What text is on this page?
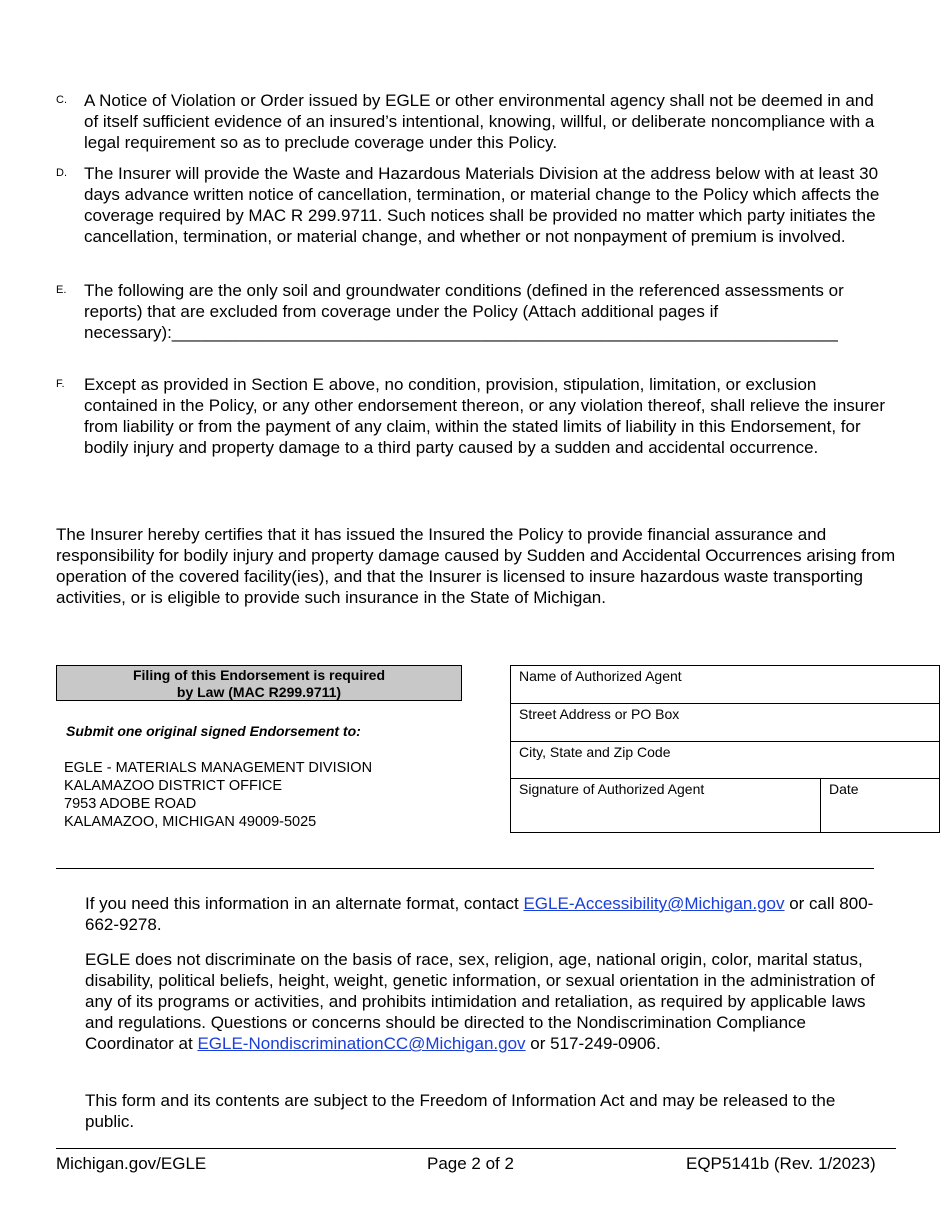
C. A Notice of Violation or Order issued by EGLE or other environmental agency shall not be deemed in and of itself sufficient evidence of an insured’s intentional, knowing, willful, or deliberate noncompliance with a legal requirement so as to preclude coverage under this Policy.
D. The Insurer will provide the Waste and Hazardous Materials Division at the address below with at least 30 days advance written notice of cancellation, termination, or material change to the Policy which affects the coverage required by MAC R 299.9711. Such notices shall be provided no matter which party initiates the cancellation, termination, or material change, and whether or not nonpayment of premium is involved.
E. The following are the only soil and groundwater conditions (defined in the referenced assessments or reports) that are excluded from coverage under the Policy (Attach additional pages if
necessary):_____________________________________________________________________
F. Except as provided in Section E above, no condition, provision, stipulation, limitation, or exclusion contained in the Policy, or any other endorsement thereon, or any violation thereof, shall relieve the insurer from liability or from the payment of any claim, within the stated limits of liability in this Endorsement, for bodily injury and property damage to a third party caused by a sudden and accidental occurrence.
The Insurer hereby certifies that it has issued the Insured the Policy to provide financial assurance and responsibility for bodily injury and property damage caused by Sudden and Accidental Occurrences arising from operation of the covered facility(ies), and that the Insurer is licensed to insure hazardous waste transporting activities, or is eligible to provide such insurance in the State of Michigan.
Filing of this Endorsement is required
by Law (MAC R299.9711)
Submit one original signed Endorsement to:
EGLE - MATERIALS MANAGEMENT DIVISION
KALAMAZOO DISTRICT OFFICE
7953 ADOBE ROAD
KALAMAZOO, MICHIGAN 49009-5025
Name of Authorized Agent
Street Address or PO Box
City, State and Zip Code
Signature of Authorized Agent	Date
If you need this information in an alternate format, contact EGLE-Accessibility@Michigan.gov or call 800-662-9278.
EGLE does not discriminate on the basis of race, sex, religion, age, national origin, color, marital status, disability, political beliefs, height, weight, genetic information, or sexual orientation in the administration of any of its programs or activities, and prohibits intimidation and retaliation, as required by applicable laws and regulations. Questions or concerns should be directed to the Nondiscrimination Compliance Coordinator at EGLE-NondiscriminationCC@Michigan.gov or 517-249-0906.
This form and its contents are subject to the Freedom of Information Act and may be released to the public.
Michigan.gov/EGLE	Page 2 of 2	EQP5141b (Rev. 1/2023)
